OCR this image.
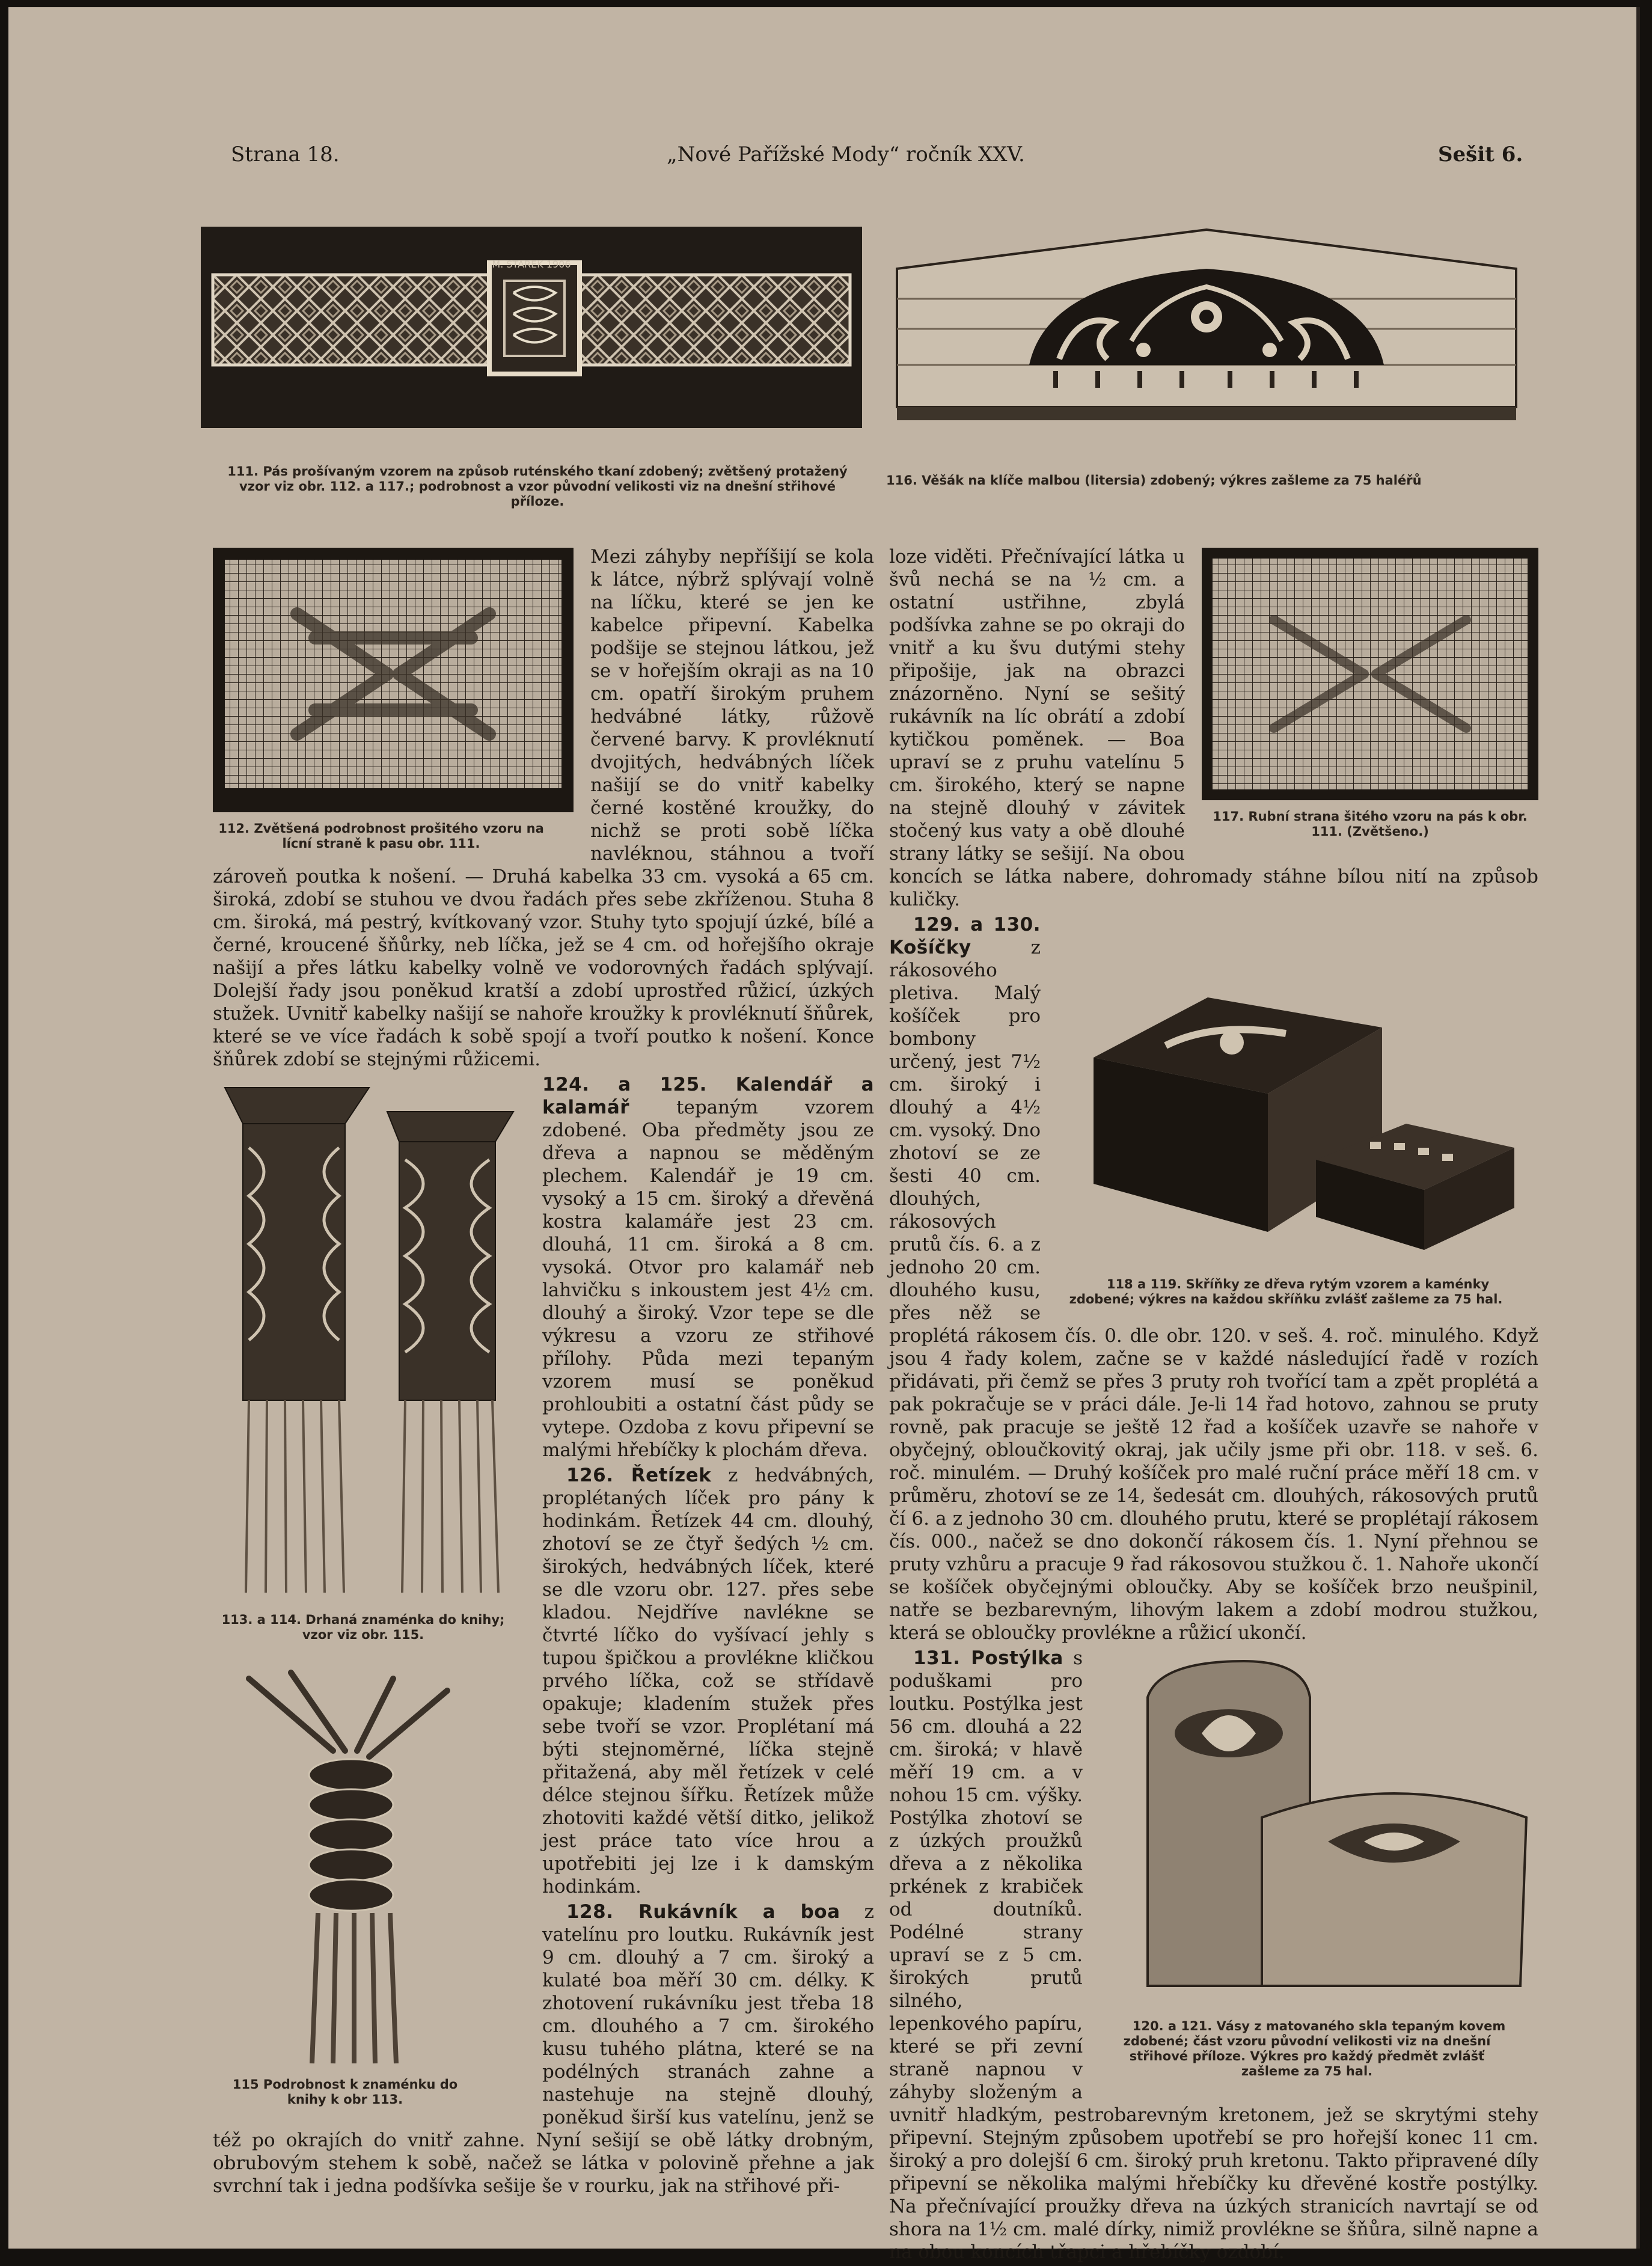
Strana 18.	„Nové Pařížské Mody“ ročník XXV.	Sešit 6.
M. STAREK 1906
111. Pás prošívaným vzorem na způsob ruténského tkaní zdobený; zvětšený protažený vzor viz obr. 112. a 117.; podrobnost a vzor původní velikosti viz na dnešní střihové příloze.
116. Věšák na klíče malbou (litersia) zdobený; výkres zašleme za 75 haléřů

112. Zvětšená podrobnost prošitého vzoru na lícní straně k pasu obr. 111.
Mezi záhyby nepříšijí se kola k látce, nýbrž splývají volně na líčku, které se jen ke kabelce připevní. Kabelka podšije se stejnou látkou, jež se v hořejším okraji as na 10 cm. opatří širokým pruhem hedvábné látky, růžově červené barvy. K provléknutí dvojitých, hedvábných líček našijí se do vnitř kabelky černé kostěné kroužky, do nichž se proti sobě líčka navléknou, stáhnou a tvoří zároveň poutka k nošení. — Druhá kabelka 33 cm. vysoká a 65 cm. široká, zdobí se stuhou ve dvou řadách přes sebe zkříženou. Stuha 8 cm. široká, má pestrý, kvítkovaný vzor. Stuhy tyto spojují úzké, bílé a černé, kroucené šňůrky, neb líčka, jež se 4 cm. od hořejšího okraje našijí a přes látku kabelky volně ve vodorovných řadách splývají. Dolejší řady jsou poněkud kratší a zdobí uprostřed růžicí, úzkých stužek. Uvnitř kabelky našijí se nahoře kroužky k provléknutí šňůrek, které se ve více řadách k sobě spojí a tvoří poutko k nošení. Konce šňůrek zdobí se stejnými růžicemi.

113. a 114. Drhaná znaménka do knihy; vzor viz obr. 115.
115 Podrobnost k znaménku do knihy k obr 113.
124. a 125. Kalendář a kalamář tepaným vzorem zdobené. Oba předměty jsou ze dřeva a napnou se měděným plechem. Kalendář je 19 cm. vysoký a 15 cm. široký a dřevěná kostra kalamáře jest 23 cm. dlouhá, 11 cm. široká a 8 cm. vysoká. Otvor pro kalamář neb lahvičku s inkoustem jest 4½ cm. dlouhý a široký. Vzor tepe se dle výkresu a vzoru ze střihové přílohy. Půda mezi tepaným vzorem musí se poněkud prohloubiti a ostatní část půdy se vytepe. Ozdoba z kovu připevní se malými hřebíčky k plochám dřeva.

126. Řetízek z hedvábných, proplétaných líček pro pány k hodinkám. Řetízek 44 cm. dlouhý, zhotoví se ze čtyř šedých ½ cm. širokých, hedvábných líček, které se dle vzoru obr. 127. přes sebe kladou. Nejdříve navlékne se čtvrté líčko do vyšívací jehly s tupou špičkou a provlékne kličkou prvého líčka, což se střídavě opakuje; kladením stužek přes sebe tvoří se vzor. Proplétaní má býti stejnoměrné, líčka stejně přitažená, aby měl řetízek v celé délce stejnou šířku. Řetízek může zhotoviti každé větší ditko, jelikož jest práce tato více hrou a upotřebiti jej lze i k damským hodinkám.

128. Rukávník a boa z vatelínu pro loutku. Rukávník jest 9 cm. dlouhý a 7 cm. široký a kulaté boa měří 30 cm. délky. K zhotovení rukávníku jest třeba 18 cm. dlouhého a 7 cm. širokého kusu tuhého plátna, které se na podélných stranách zahne a nastehuje na stejně dlouhý, poněkud širší kus vatelínu, jenž se též po okrajích do vnitř zahne. Nyní sešijí se obě látky drobným, obrubovým stehem k sobě, načež se látka v polovině přehne a jak svrchní tak i jedna podšívka sešije še v rourku, jak na střihové při-

117. Rubní strana šitého vzoru na pás k obr. 111. (Zvětšeno.)
loze viděti. Přečnívající látka u švů nechá se na ½ cm. a ostatní ustřihne, zbylá podšívka zahne se po okraji do vnitř a ku švu dutými stehy připošije, jak na obrazci znázorněno. Nyní se sešitý rukávník na líc obrátí a zdobí kytičkou poměnek. — Boa upraví se z pruhu vatelínu 5 cm. širokého, který se napne na stejně dlouhý v závitek stočený kus vaty a obě dlouhé strany látky se sešijí. Na obou koncích se látka nabere, dohromady stáhne bílou nití na způsob kuličky.

118 a 119. Skříňky ze dřeva rytým vzorem a kaménky zdobené; výkres na každou skříňku zvlášť zašleme za 75 hal.
129. a 130. Košíčky z rákosového pletiva. Malý košíček pro bombony určený, jest 7½ cm. široký i dlouhý a 4½ cm. vysoký. Dno zhotoví se ze šesti 40 cm. dlouhých, rákosových prutů čís. 6. a z jednoho 20 cm. dlouhého kusu, přes něž se proplétá rákosem čís. 0. dle obr. 120. v seš. 4. roč. minulého. Když jsou 4 řady kolem, začne se v každé následující řadě v rozích přidávati, při čemž se přes 3 pruty roh tvořící tam a zpět proplétá a pak pokračuje se v práci dále. Je-li 14 řad hotovo, zahnou se pruty rovně, pak pracuje se ještě 12 řad a košíček uzavře se nahoře v obyčejný, obloučkovitý okraj, jak učily jsme při obr. 118. v seš. 6. roč. minulém. — Druhý košíček pro malé ruční práce měří 18 cm. v průměru, zhotoví se ze 14, šedesát cm. dlouhých, rákosových prutů čí 6. a z jednoho 30 cm. dlouhého prutu, které se proplétají rákosem čís. 000., načež se dno dokončí rákosem čís. 1. Nyní přehnou se pruty vzhůru a pracuje 9 řad rákosovou stužkou č. 1. Nahoře ukončí se košíček obyčejnými obloučky. Aby se košíček brzo neušpinil, natře se bezbarevným, lihovým lakem a zdobí modrou stužkou, která se obloučky provlékne a růžicí ukončí.

120. a 121. Vásy z matovaného skla tepaným kovem zdobené; část vzoru původní velikosti viz na dnešní střihové příloze. Výkres pro každý předmět zvlášť zašleme za 75 hal.
131. Postýlka s poduškami pro loutku. Postýlka jest 56 cm. dlouhá a 22 cm. široká; v hlavě měří 19 cm. a v nohou 15 cm. výšky. Postýlka zhotoví se z úzkých proužků dřeva a z několika prkének z krabiček od doutníků. Podélné strany upraví se z 5 cm. širokých prutů silného, lepenkového papíru, které se při zevní straně napnou v záhyby složeným a uvnitř hladkým, pestrobarevným kretonem, jež se skrytými stehy připevní. Stejným způsobem upotřebí se pro hořejší konec 11 cm. široký a pro dolejší 6 cm. široký pruh kretonu. Takto připravené díly připevní se několika malými hřebíčky ku dřevěné kostře postýlky. Na přečnívající proužky dřeva na úzkých stranicích navrtají se od shora na 1½ cm. malé dírky, nimiž provlékne se šňůra, silně napne a na obou koncích třapci a hřebíčky ozdobí.
